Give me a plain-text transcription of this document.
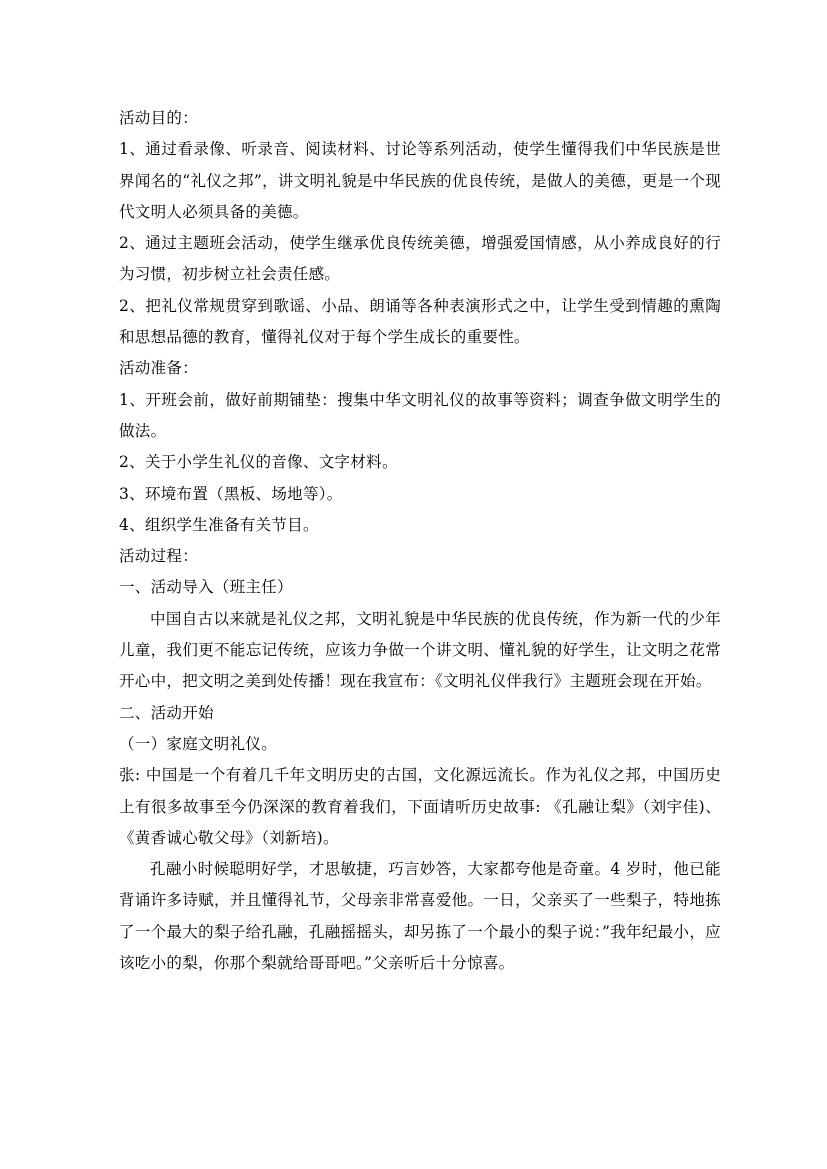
活动目的：

1、通过看录像、听录音、阅读材料、讨论等系列活动，使学生懂得我们中华民族是世界闻名的“礼仪之邦”，讲文明礼貌是中华民族的优良传统，是做人的美德，更是一个现代文明人必须具备的美德。

2、通过主题班会活动，使学生继承优良传统美德，增强爱国情感，从小养成良好的行为习惯，初步树立社会责任感。

2、把礼仪常规贯穿到歌谣、小品、朗诵等各种表演形式之中，让学生受到情趣的熏陶和思想品德的教育，懂得礼仪对于每个学生成长的重要性。

活动准备：

1、开班会前，做好前期铺垫：搜集中华文明礼仪的故事等资料；调查争做文明学生的做法。

2、关于小学生礼仪的音像、文字材料。

3、环境布置（黑板、场地等）。

4、组织学生准备有关节目。

活动过程：

一、活动导入（班主任）

中国自古以来就是礼仪之邦，文明礼貌是中华民族的优良传统，作为新一代的少年儿童，我们更不能忘记传统，应该力争做一个讲文明、懂礼貌的好学生，让文明之花常开心中，把文明之美到处传播！现在我宣布：《文明礼仪伴我行》主题班会现在开始。

二、活动开始

（一）家庭文明礼仪。

张: 中国是一个有着几千年文明历史的古国，文化源远流长。作为礼仪之邦，中国历史上有很多故事至今仍深深的教育着我们，下面请听历史故事: 《孔融让梨》（刘宇佳)、《黄香诚心敬父母》（刘新培)。

孔融小时候聪明好学，才思敏捷，巧言妙答，大家都夸他是奇童。4 岁时，他已能背诵许多诗赋，并且懂得礼节，父母亲非常喜爱他。一日，父亲买了一些梨子，特地拣了一个最大的梨子给孔融，孔融摇摇头，却另拣了一个最小的梨子说：”我年纪最小，应该吃小的梨，你那个梨就给哥哥吧。”父亲听后十分惊喜。
